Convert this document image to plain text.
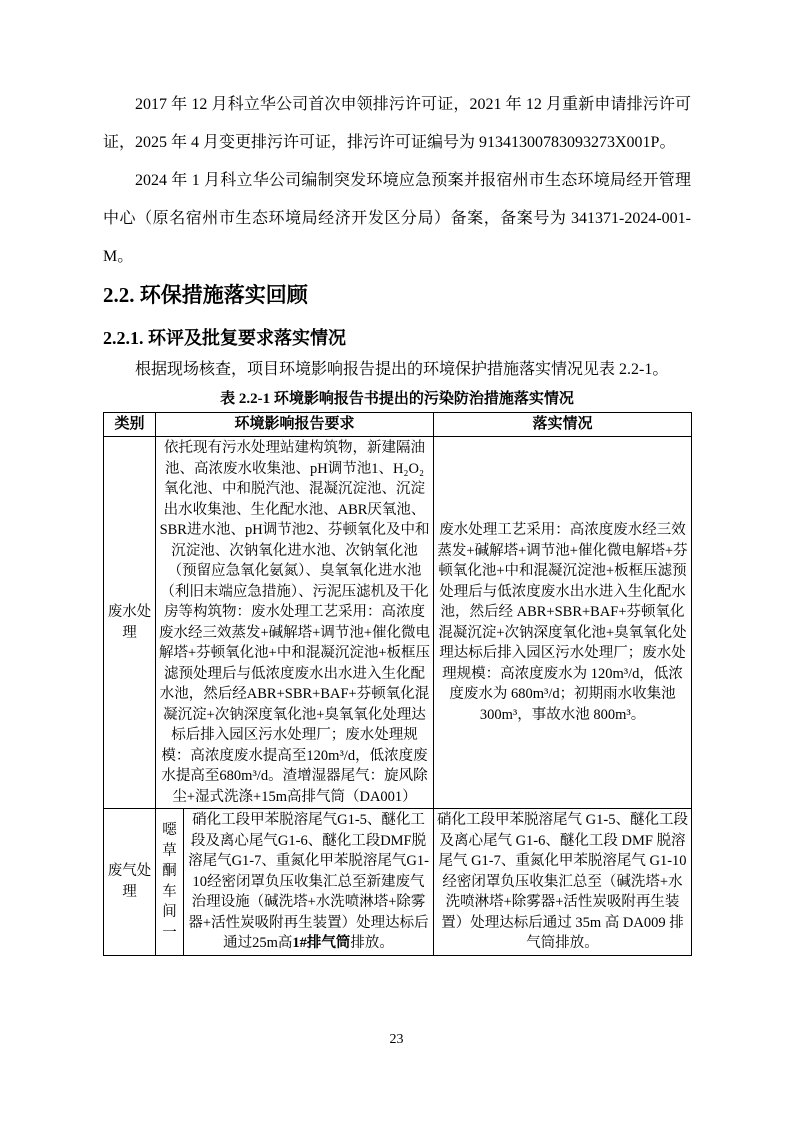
2017 年 12 月科立华公司首次申领排污许可证，2021 年 12 月重新申请排污许可证，2025 年 4 月变更排污许可证，排污许可证编号为 91341300783093273X001P。

2024 年 1 月科立华公司编制突发环境应急预案并报宿州市生态环境局经开管理中心（原名宿州市生态环境局经济开发区分局）备案，备案号为 341371-2024-001-M。

2.2. 环保措施落实回顾
2.2.1. 环评及批复要求落实情况

根据现场核查，项目环境影响报告提出的环境保护措施落实情况见表 2.2-1。

表 2.2-1 环境影响报告书提出的污染防治措施落实情况
类别	环境影响报告要求		落实情况
废水处理	依托现有污水处理站建构筑物，新建隔油池、高浓废水收集池、pH调节池1、H₂O₂氧化池、中和脱汽池、混凝沉淀池、沉淀出水收集池、生化配水池、ABR厌氧池、SBR进水池、pH调节池2、芬顿氧化及中和沉淀池、次钠氧化进水池、次钠氧化池（预留应急氧化氨氮）、臭氧氧化进水池（利旧末端应急措施）、污泥压滤机及干化房等构筑物：废水处理工艺采用：高浓度废水经三效蒸发+碱解塔+调节池+催化微电解塔+芬顿氧化池+中和混凝沉淀池+板框压滤预处理后与低浓度废水出水进入生化配水池，然后经ABR+SBR+BAF+芬顿氧化混凝沉淀+次钠深度氧化池+臭氧氧化处理达标后排入园区污水处理厂；废水处理规模：高浓度废水提高至120m³/d，低浓度废水提高至680m³/d。渣增湿器尾气：旋风除尘+湿式洗涤+15m高排气筒（DA001）		废水处理工艺采用：高浓度废水经三效蒸发+碱解塔+调节池+催化微电解塔+芬顿氧化池+中和混凝沉淀池+板框压滤预处理后与低浓度废水出水进入生化配水池，然后经 ABR+SBR+BAF+芬顿氧化混凝沉淀+次钠深度氧化池+臭氧氧化处理达标后排入园区污水处理厂；废水处理规模：高浓度废水为 120m³/d，低浓度废水为 680m³/d；初期雨水收集池 300m³，事故水池 800m³。
废气处理	噁草酮车间一	硝化工段甲苯脱溶尾气G1-5、醚化工段及离心尾气G1-6、醚化工段DMF脱溶尾气G1-7、重氮化甲苯脱溶尾气G1-10经密闭罩负压收集汇总至新建废气治理设施（碱洗塔+水洗喷淋塔+除雾器+活性炭吸附再生装置）处理达标后通过25m高1#排气筒排放。	硝化工段甲苯脱溶尾气 G1-5、醚化工段及离心尾气 G1-6、醚化工段 DMF 脱溶尾气 G1-7、重氮化甲苯脱溶尾气 G1-10 经密闭罩负压收集汇总至（碱洗塔+水洗喷淋塔+除雾器+活性炭吸附再生装置）处理达标后通过 35m 高 DA009 排气筒排放。
23
